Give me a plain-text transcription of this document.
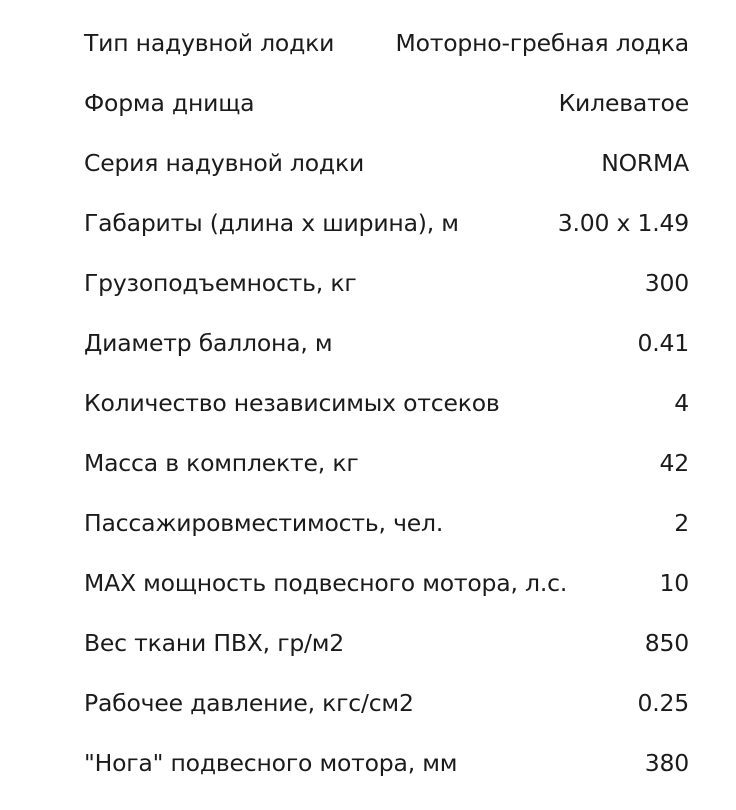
Тип надувной лодки	Моторно-гребная лодка
Форма днища	Килеватое
Серия надувной лодки	NORMA
Габариты (длина х ширина), м	3.00 x 1.49
Грузоподъемность, кг	300
Диаметр баллона, м	0.41
Количество независимых отсеков	4
Масса в комплекте, кг	42
Пассажировместимость, чел.	2
MAX мощность подвесного мотора, л.с.	10
Вес ткани ПВХ, гр/м2	850
Рабочее давление, кгс/см2	0.25
"Нога" подвесного мотора, мм	380
